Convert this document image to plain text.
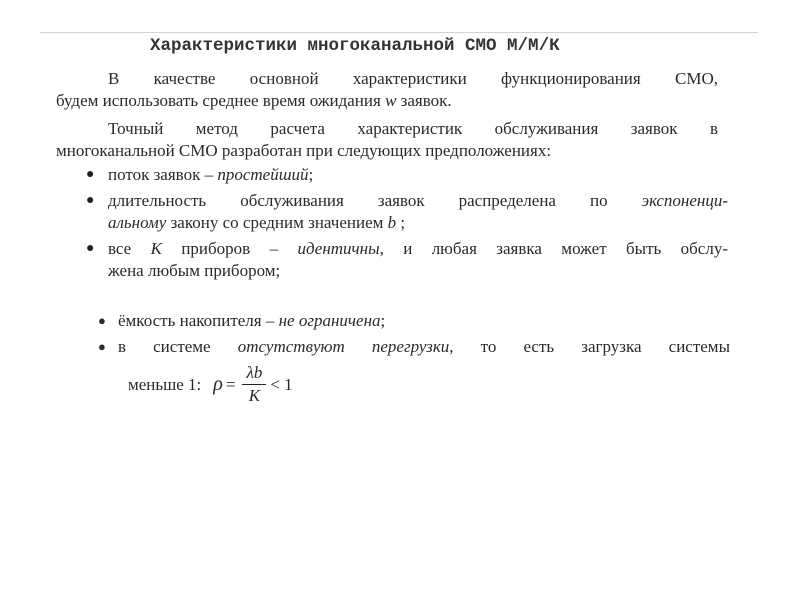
Характеристики многоканальной СМО М/М/К
В качестве основной характеристики функционирования СМО,
будем использовать среднее время ожидания w заявок.
Точный метод расчета характеристик обслуживания заявок в
многоканальной СМО разработан при следующих предположениях:
● поток заявок – простейший;
● длительность обслуживания заявок распределена по экспоненци-
альному закону со средним значением b ;
● все K приборов – идентичны, и любая заявка может быть обслу-
жена любым прибором;
● ёмкость накопителя – не ограничена;
● в системе отсутствуют перегрузки, то есть загрузка системы
меньше 1: $\rho = \frac{\lambda b}{K} < 1$
